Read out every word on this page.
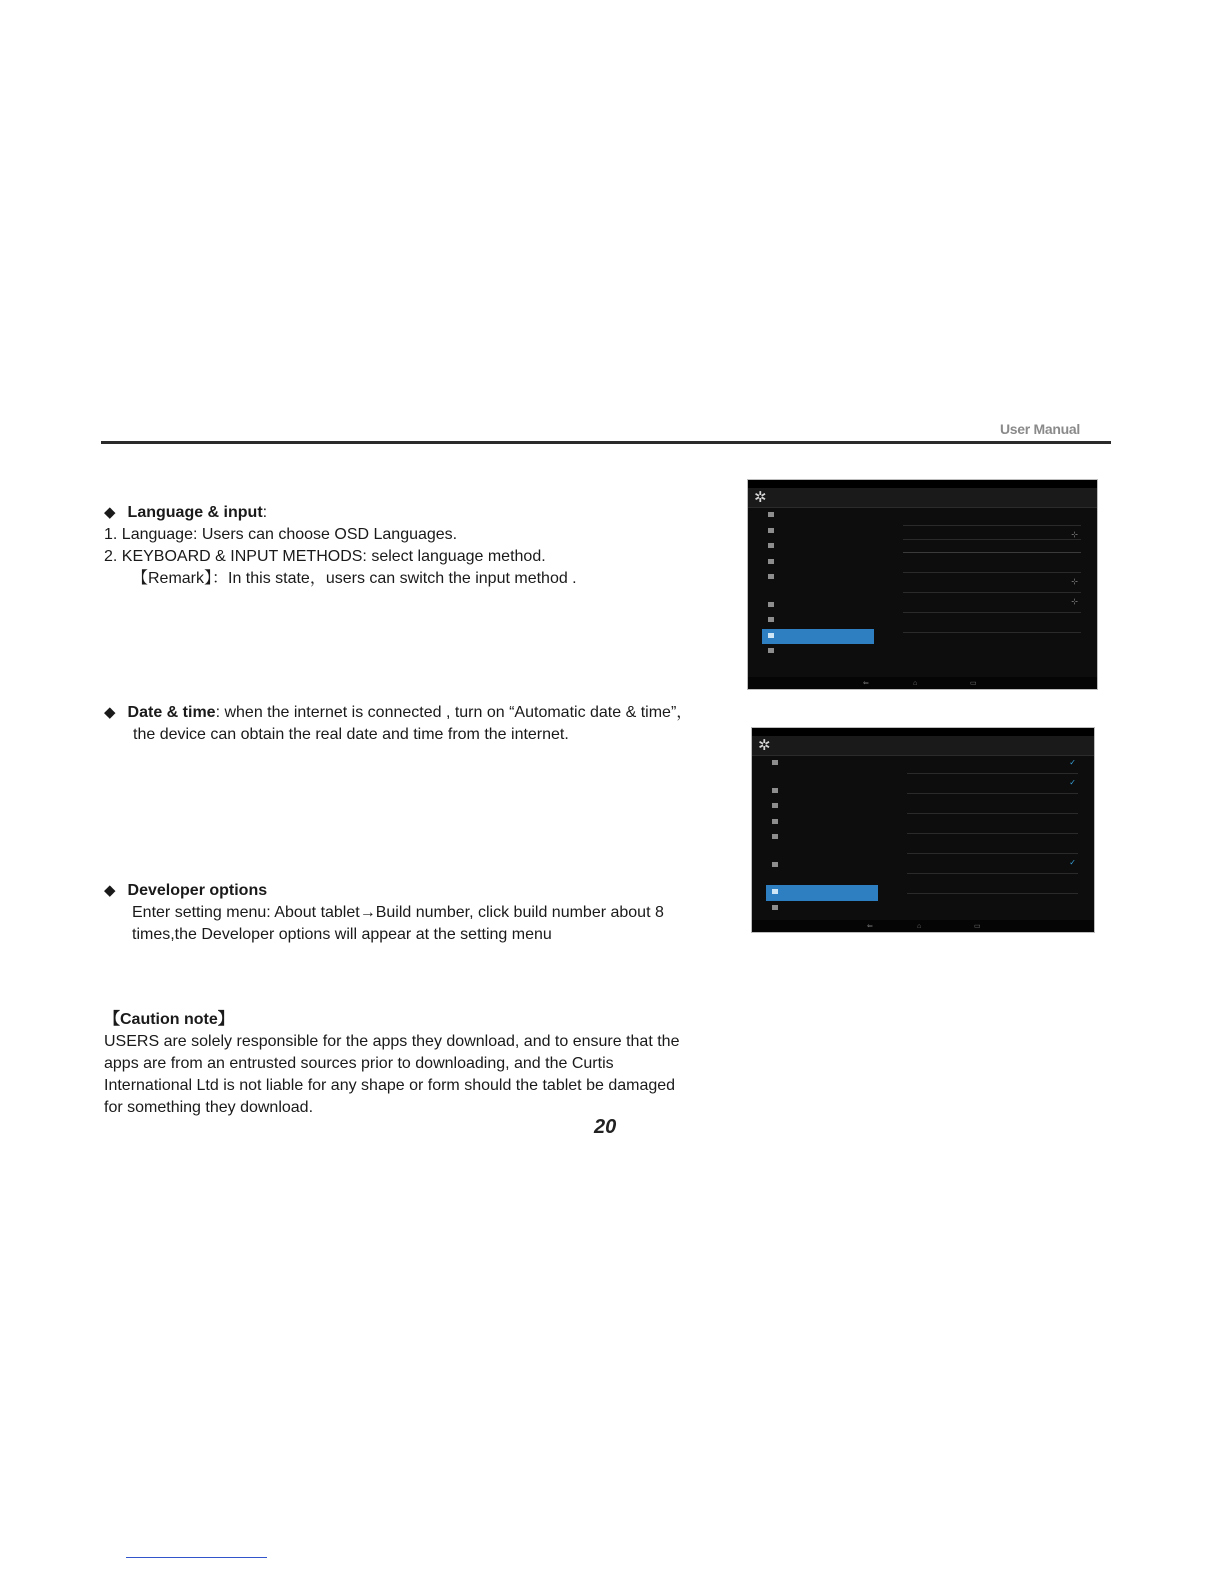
User Manual
◆ Language & input:
1. Language: Users can choose OSD Languages.
2. KEYBOARD & INPUT METHODS: select language method.
【Remark】：In this state，users can switch the input method .
◆ Date & time: when the internet is connected , turn on “Automatic date & time”，
the device can obtain the real date and time from the internet.
◆ Developer options
Enter setting menu: About tablet→Build number, click build number about 8
times,the Developer options will appear at the setting menu
【Caution note】
USERS are solely responsible for the apps they download, and to ensure that the
apps are from an entrusted sources prior to downloading, and the Curtis
International Ltd is not liable for any shape or form should the tablet be damaged
for something they download.
20
✲

⊹

⊹

⊹

⇐	⌂	▭
✲

✓

✓

✓

⇐	⌂	▭
